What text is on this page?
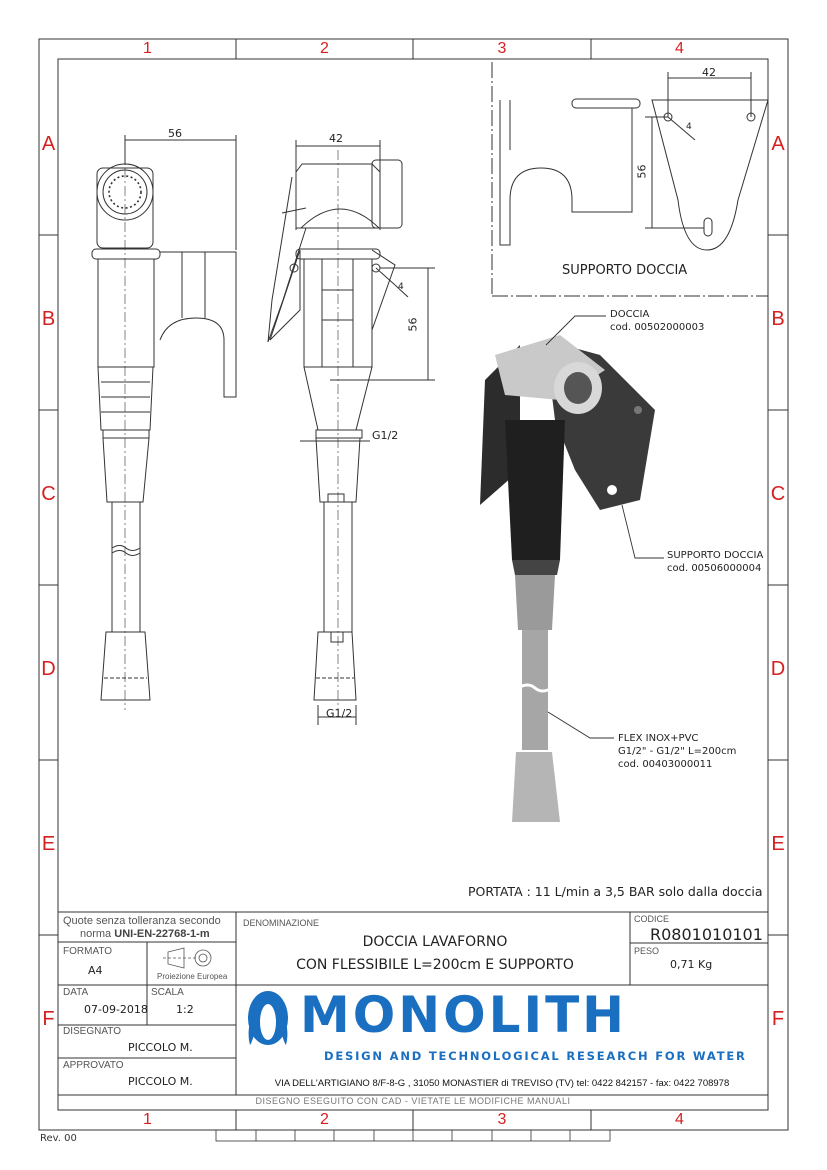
1	2	3	4
1	2	3	4
A
B
C
D
E
F
A
B
C
D
E
F
56	42
56
4
G1/2
G1/2
42
56
4
SUPPORTO DOCCIA
DOCCIA
cod. 00502000003
SUPPORTO DOCCIA
cod. 00506000004
FLEX INOX+PVC
G1/2" - G1/2" L=200cm
cod. 00403000011
PORTATA : 11 L/min a 3,5 BAR solo dalla doccia
Quote senza tolleranza secondo
norma UNI-EN-22768-1-m
FORMATO
A4	Proiezione Europea
DATA
07-09-2018
SCALA
1:2
DISEGNATO
PICCOLO M.
APPROVATO
PICCOLO M.
DENOMINAZIONE
DOCCIA LAVAFORNO
CON FLESSIBILE L=200cm E SUPPORTO
CODICE
R0801010101
PESO
0,71 Kg
MONOLITH
DESIGN AND TECHNOLOGICAL RESEARCH FOR WATER
VIA DELL'ARTIGIANO 8/F-8-G , 31050 MONASTIER di TREVISO (TV) tel: 0422 842157 - fax: 0422 708978
DISEGNO ESEGUITO CON CAD - VIETATE LE MODIFICHE MANUALI
Rev. 00
